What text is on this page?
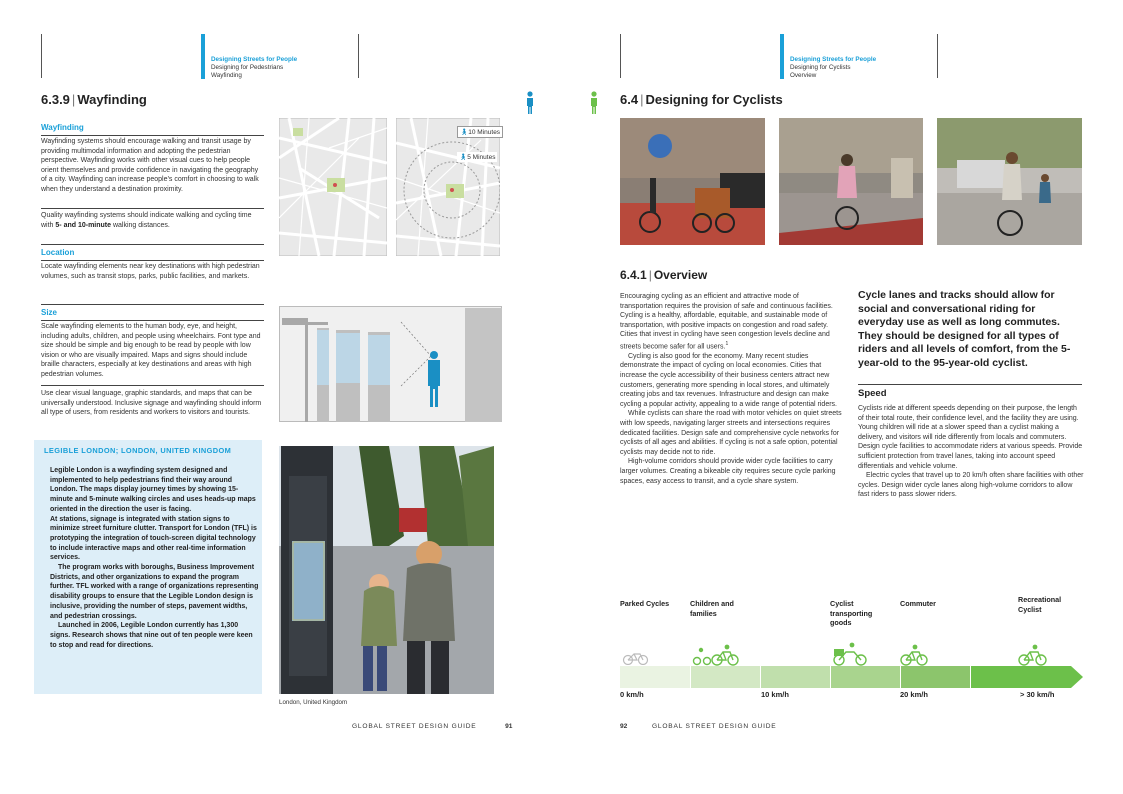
Designing Streets for People
Designing for Pedestrians
Wayfinding
6.3.9 | Wayfinding
Wayfinding
Wayfinding systems should encourage walking and transit usage by providing multimodal information and adopting the pedestrian perspective. Wayfinding works with other visual cues to help people orient themselves and provide confidence in navigating the geography of a city. Wayfinding can increase people’s comfort in choosing to walk when they understand a destination proximity.
Quality wayfinding systems should indicate walking and cycling time with 5- and 10-minute walking distances.
Location
Locate wayfinding elements near key destinations with high pedestrian volumes, such as transit stops, parks, public facilities, and markets.
Size
Scale wayfinding elements to the human body, eye, and height, including adults, children, and people using wheelchairs. Font type and size should be simple and big enough to be read by people with low vision or who are visually impaired. Maps and signs should include braille characters, especially at key destinations and areas with high pedestrian volumes.
Use clear visual language, graphic standards, and maps that can be universally understood. Inclusive signage and wayfinding should inform all type of users, from residents and workers to visitors and tourists.
🚶︎10 Minutes
🚶︎5 Minutes
LEGIBLE LONDON; LONDON, UNITED KINGDOM
Legible London is a wayfinding system designed and implemented to help pedestrians find their way around London. The maps display journey times by showing 15-minute and 5-minute walking circles and uses heads-up maps oriented in the direction the user is facing.
At stations, signage is integrated with station signs to minimize street furniture clutter. Transport for London (TFL) is prototyping the integration of touch-screen digital technology to include interactive maps and other real-time information services.
The program works with boroughs, Business Improvement Districts, and other organizations to expand the program further. TFL worked with a range of organizations representing disability groups to ensure that the Legible London design is inclusive, providing the number of steps, pavement widths, and pedestrian crossings.
Launched in 2006, Legible London currently has 1,300 signs. Research shows that nine out of ten people were keen to stop and read for directions.
London, United Kingdom
GLOBAL STREET DESIGN GUIDE	91
Designing Streets for People
Designing for Cyclists
Overview
6.4 | Designing for Cyclists
6.4.1 | Overview
Encouraging cycling as an efficient and attractive mode of transportation requires the provision of safe and continuous facilities. Cycling is a healthy, affordable, equitable, and sustainable mode of transportation, with positive impacts on congestion and road safety. Cities that invest in cycling have seen congestion levels decline and streets become safer for all users.$^1$
Cycling is also good for the economy. Many recent studies demonstrate the impact of cycling on local economies. Cities that increase the cycle accessibility of their business centers attract new customers, generating more spending in local stores, and ultimately creating jobs and tax revenues. Infrastructure and design can make cycling a popular activity, appealing to a wide range of potential riders.
While cyclists can share the road with motor vehicles on quiet streets with low speeds, navigating larger streets and intersections requires dedicated facilities. Design safe and comprehensive cycle networks for cyclists of all ages and abilities. If cycling is not a safe option, potential cyclists may decide not to ride.
High-volume corridors should provide wider cycle facilities to carry larger volumes. Creating a bikeable city requires secure cycle parking spaces, easy access to transit, and a cycle share system.
Cycle lanes and tracks should allow for social and conversational riding for everyday use as well as long commutes. They should be designed for all types of riders and all levels of comfort, from the 5-year-old to the 95-year-old cyclist.
Speed
Cyclists ride at different speeds depending on their purpose, the length of their total route, their confidence level, and the facility they are using. Young children will ride at a slower speed than a cyclist making a delivery, and visitors will ride differently from locals and commuters. Design cycle facilities to accommodate riders at various speeds. Provide sufficient protection from travel lanes, taking into account speed differentials and vehicle volume.
Electric cycles that travel up to 20 km/h often share facilities with other cycles. Design wider cycle lanes along high-volume corridors to allow fast riders to pass slower riders.
Parked Cycles	Children and families
Cyclist transporting goods
Commuter	Recreational Cyclist
0 km/h	10 km/h	20 km/h	> 30 km/h
92	GLOBAL STREET DESIGN GUIDE
